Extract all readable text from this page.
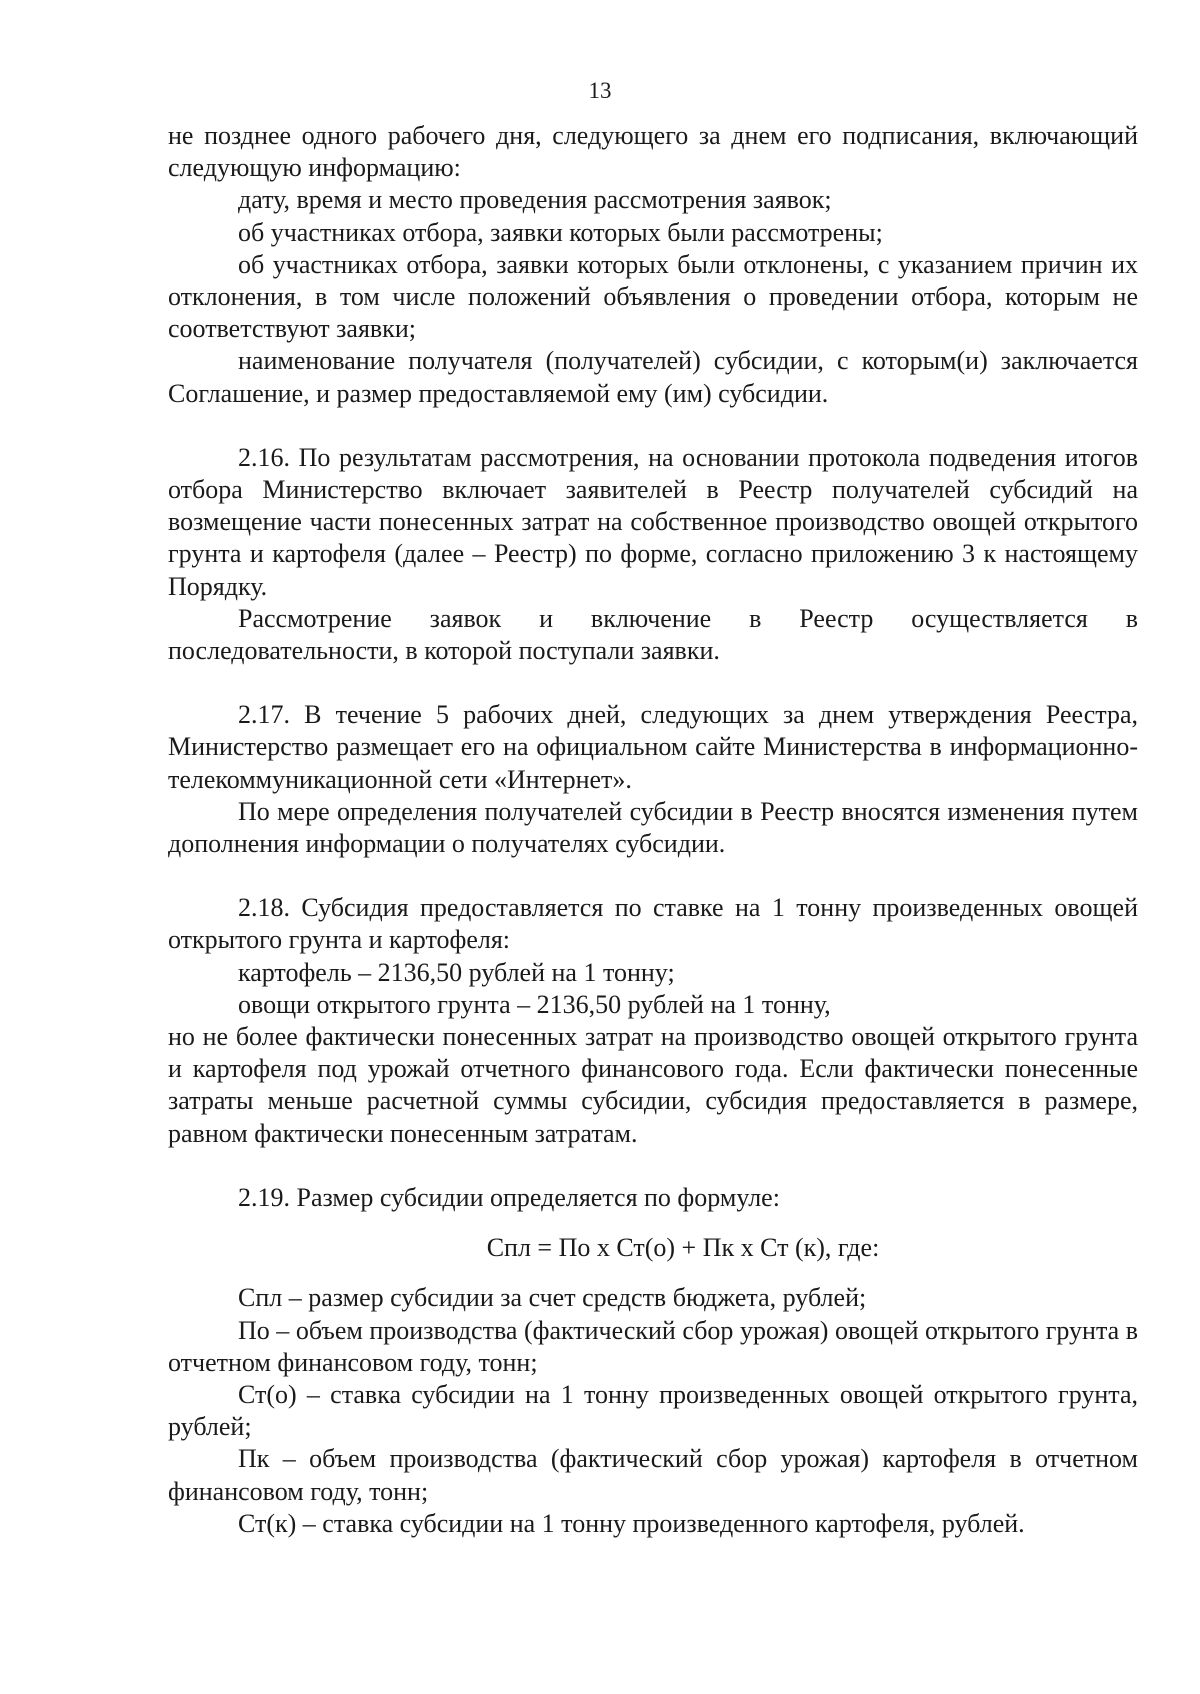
13

не позднее одного рабочего дня, следующего за днем его подписания, включающий следующую информацию:

дату, время и место проведения рассмотрения заявок;

об участниках отбора, заявки которых были рассмотрены;

об участниках отбора, заявки которых были отклонены, с указанием причин их отклонения, в том числе положений объявления о проведении отбора, которым не соответствуют заявки;

наименование получателя (получателей) субсидии, с которым(и) заключается Соглашение, и размер предоставляемой ему (им) субсидии.

2.16. По результатам рассмотрения, на основании протокола подведения итогов отбора Министерство включает заявителей в Реестр получателей субсидий на возмещение части понесенных затрат на собственное производство овощей открытого грунта и картофеля (далее – Реестр) по форме, согласно приложению 3 к настоящему Порядку.

Рассмотрение заявок и включение в Реестр осуществляется в последовательности, в которой поступали заявки.

2.17. В течение 5 рабочих дней, следующих за днем утверждения Реестра, Министерство размещает его на официальном сайте Министерства в информационно-телекоммуникационной сети «Интернет».

По мере определения получателей субсидии в Реестр вносятся изменения путем дополнения информации о получателях субсидии.

2.18. Субсидия предоставляется по ставке на 1 тонну произведенных овощей открытого грунта и картофеля:

картофель – 2136,50 рублей на 1 тонну;

овощи открытого грунта – 2136,50 рублей на 1 тонну,

но не более фактически понесенных затрат на производство овощей открытого грунта и картофеля под урожай отчетного финансового года. Если фактически понесенные затраты меньше расчетной суммы субсидии, субсидия предоставляется в размере, равном фактически понесенным затратам.

2.19. Размер субсидии определяется по формуле:

Спл = По х Ст(о) + Пк х Ст (к), где:

Спл – размер субсидии за счет средств бюджета, рублей;

По – объем производства (фактический сбор урожая) овощей открытого грунта в отчетном финансовом году, тонн;

Ст(о) – ставка субсидии на 1 тонну произведенных овощей открытого грунта, рублей;

Пк – объем производства (фактический сбор урожая) картофеля в отчетном финансовом году, тонн;

Ст(к) – ставка субсидии на 1 тонну произведенного картофеля, рублей.
